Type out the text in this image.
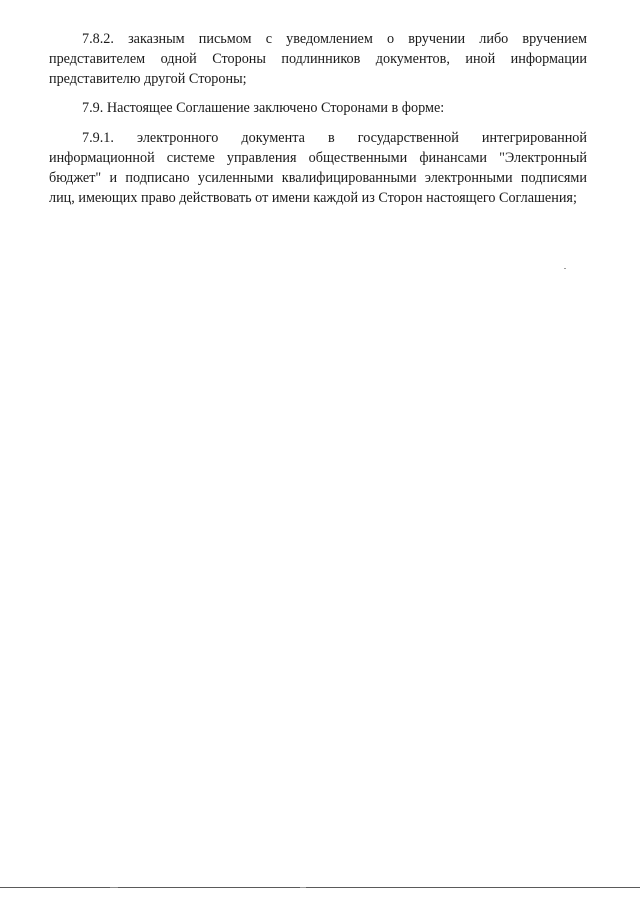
7.8.2. заказным письмом с уведомлением о вручении либо вручением представителем одной Стороны подлинников документов, иной информации представителю другой Стороны;

7.9. Настоящее Соглашение заключено Сторонами в форме:

7.9.1. электронного документа в государственной интегрированной информационной системе управления общественными финансами "Электронный бюджет" и подписано усиленными квалифицированными электронными подписями лиц, имеющих право действовать от имени каждой из Сторон настоящего Соглашения;
